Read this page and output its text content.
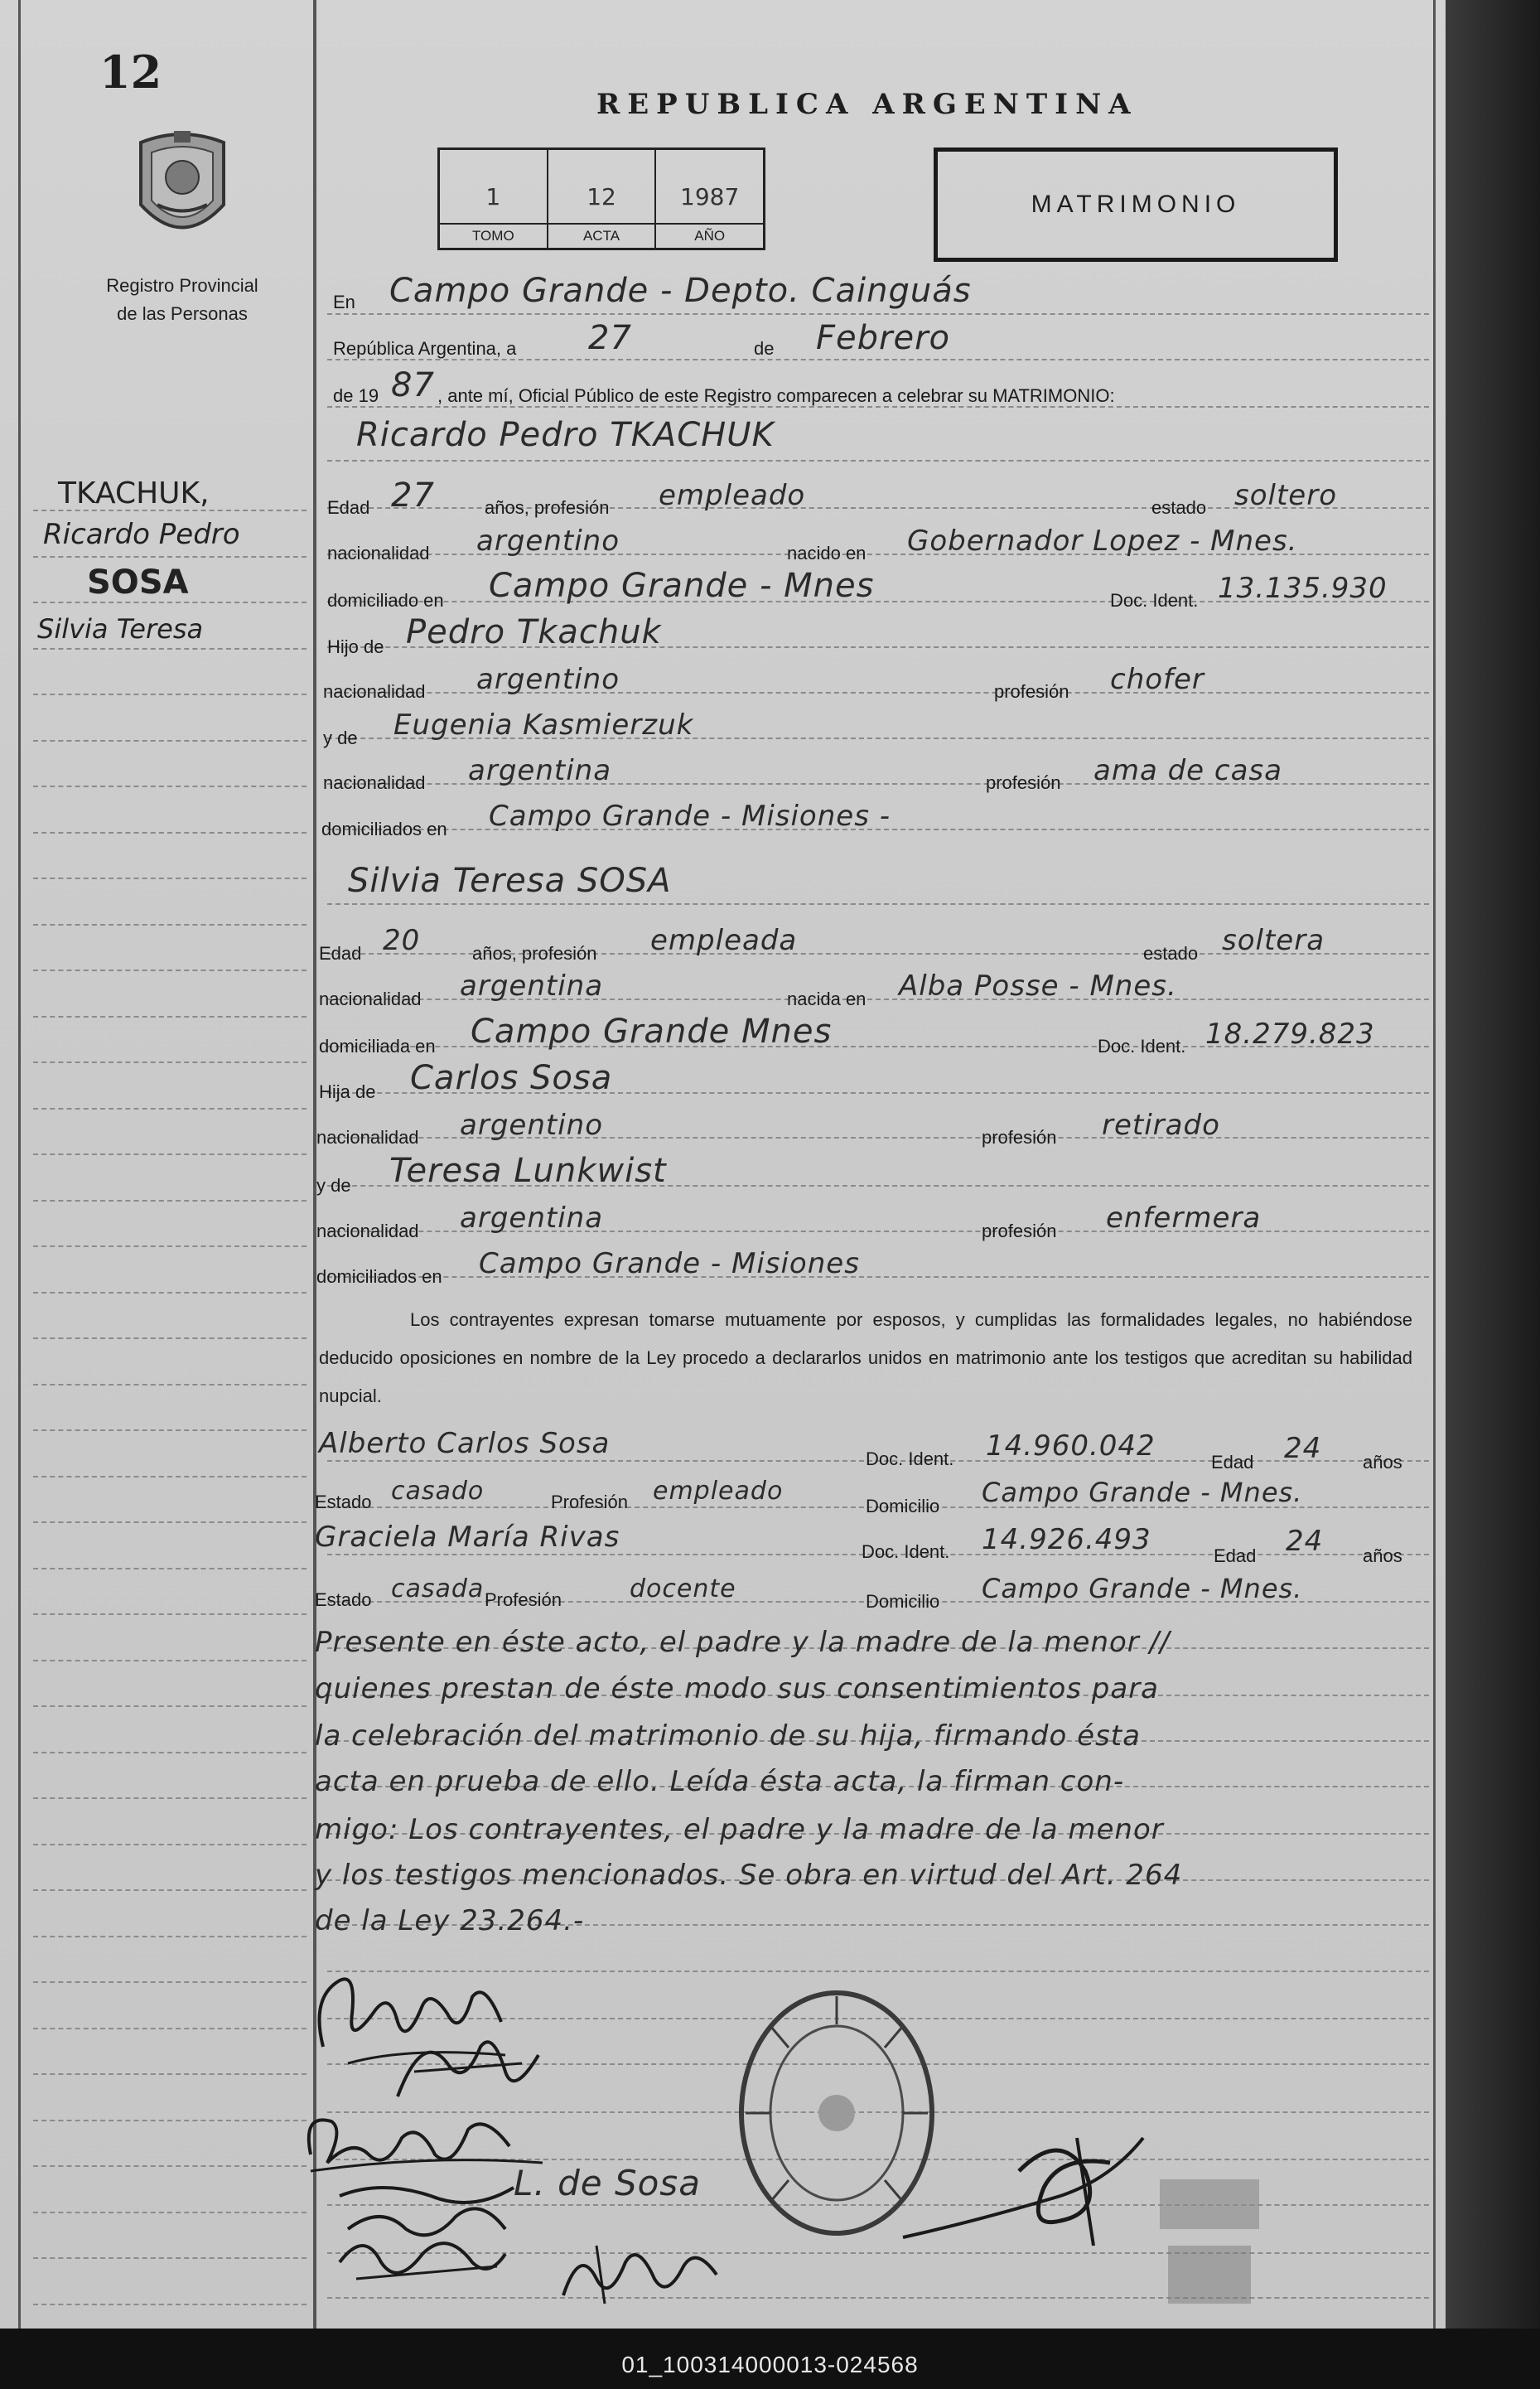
12
Registro Provincial
de las Personas
REPUBLICA ARGENTINA
1
TOMO
12
ACTA
1987
AÑO
MATRIMONIO
TKACHUK,
Ricardo Pedro
SOSA
Silvia Teresa
En Campo Grande - Depto. Cainguás
República Argentina, a 27	de Febrero
de 19 87 , ante mí, Oficial Público de este Registro comparecen a celebrar su MATRIMONIO:
Ricardo Pedro TKACHUK
Edad 27	años, profesión empleado	estado soltero
nacionalidad argentino	nacido en Gobernador Lopez - Mnes.
domiciliado en Campo Grande - Mnes	Doc. Ident. 13.135.930
Hijo de Pedro Tkachuk
nacionalidad argentino	profesión chofer
y de Eugenia Kasmierzuk
nacionalidad argentina	profesión ama de casa
domiciliados en Campo Grande - Misiones -
Silvia Teresa SOSA
Edad 20	años, profesión empleada	estado soltera
nacionalidad argentina	nacida en Alba Posse - Mnes.
domiciliada en Campo Grande Mnes	Doc. Ident. 18.279.823
Hija de Carlos Sosa
nacionalidad argentino	profesión retirado
y de Teresa Lunkwist
nacionalidad argentina	profesión enfermera
domiciliados en Campo Grande - Misiones
Los contrayentes expresan tomarse mutuamente por esposos, y cumplidas las formalidades legales, no habiéndose deducido oposiciones en nombre de la Ley procedo a declararlos unidos en matrimonio ante los testigos que acreditan su habilidad nupcial.
Alberto Carlos Sosa	Doc. Ident. 14.960.042	Edad 24 años
Estado casado	Profesión empleado
Domicilio Campo Grande - Mnes.
Graciela María Rivas	Doc. Ident. 14.926.493	Edad 24 años
Estado casada Profesión	docente	Domicilio Campo Grande - Mnes.
Presente en éste acto, el padre y la madre de la menor //
quienes prestan de éste modo sus consentimientos para
la celebración del matrimonio de su hija, firmando ésta
acta en prueba de ello. Leída ésta acta, la firman con-
migo: Los contrayentes, el padre y la madre de la menor
y los testigos mencionados. Se obra en virtud del Art. 264
de la Ley 23.264.-
L. de Sosa
01_100314000013-024568
